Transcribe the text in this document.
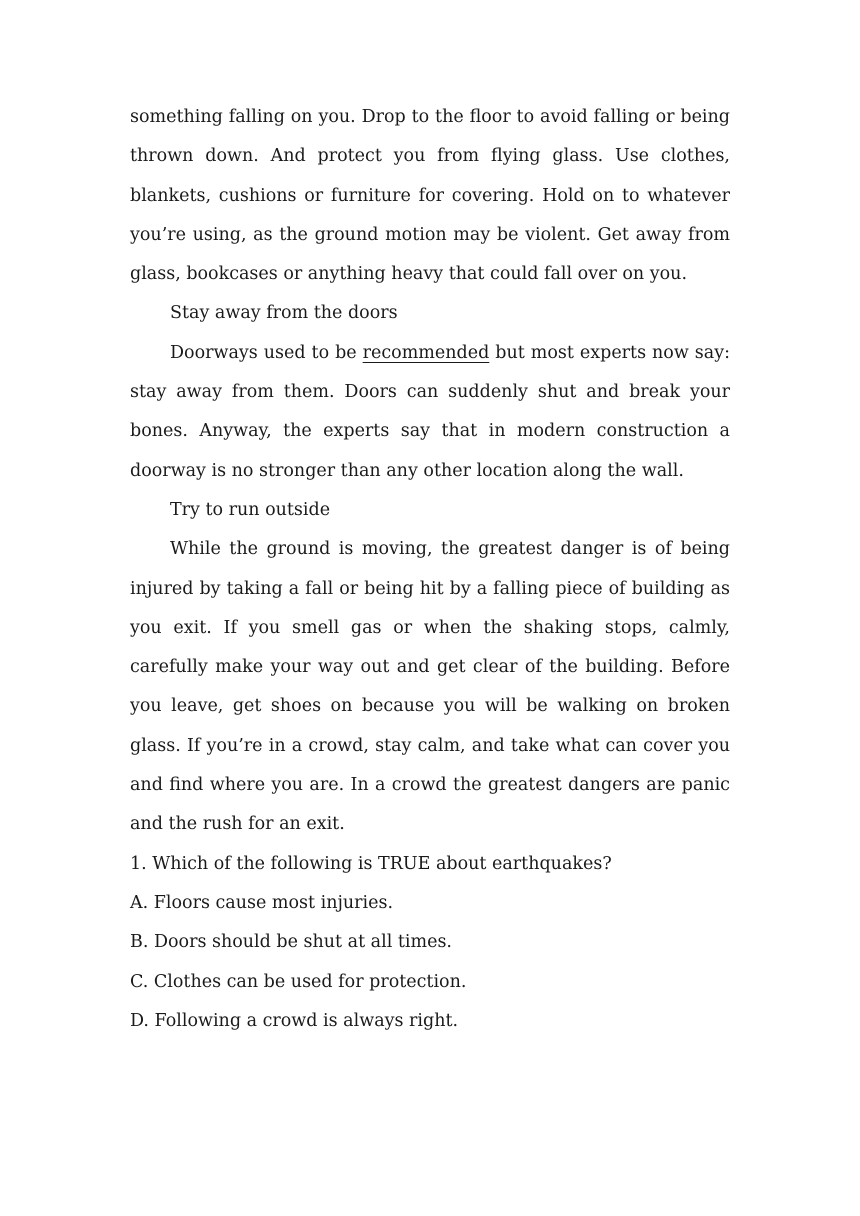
something falling on you. Drop to the floor to avoid falling or being thrown down. And protect you from flying glass. Use clothes, blankets, cushions or furniture for covering. Hold on to whatever you’re using, as the ground motion may be violent. Get away from glass, bookcases or anything heavy that could fall over on you.

Stay away from the doors

Doorways used to be recommended but most experts now say: stay away from them. Doors can suddenly shut and break your bones. Anyway, the experts say that in modern construction a doorway is no stronger than any other location along the wall.

Try to run outside

While the ground is moving, the greatest danger is of being injured by taking a fall or being hit by a falling piece of building as you exit. If you smell gas or when the shaking stops, calmly, carefully make your way out and get clear of the building. Before you leave, get shoes on because you will be walking on broken glass. If you’re in a crowd, stay calm, and take what can cover you and find where you are. In a crowd the greatest dangers are panic and the rush for an exit.

1. Which of the following is TRUE about earthquakes?

A. Floors cause most injuries.

B. Doors should be shut at all times.

C. Clothes can be used for protection.

D. Following a crowd is always right.
